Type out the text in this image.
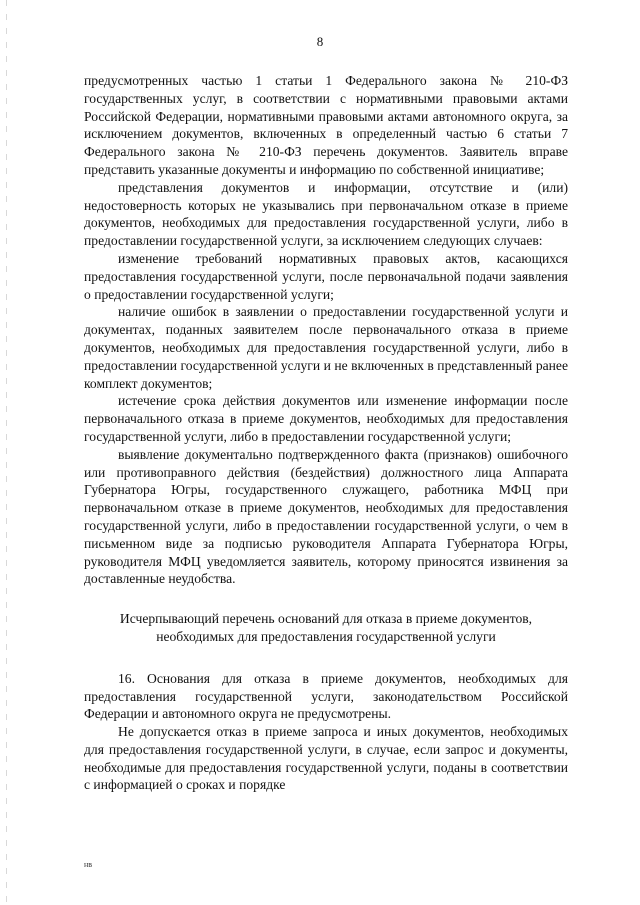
8

предусмотренных частью 1 статьи 1 Федерального закона № 210-ФЗ государственных услуг, в соответствии с нормативными правовыми актами Российской Федерации, нормативными правовыми актами автономного округа, за исключением документов, включенных в определенный частью 6 статьи 7 Федерального закона № 210-ФЗ перечень документов. Заявитель вправе представить указанные документы и информацию по собственной инициативе;

представления документов и информации, отсутствие и (или) недостоверность которых не указывались при первоначальном отказе в приеме документов, необходимых для предоставления государственной услуги, либо в предоставлении государственной услуги, за исключением следующих случаев:

изменение требований нормативных правовых актов, касающихся предоставления государственной услуги, после первоначальной подачи заявления о предоставлении государственной услуги;

наличие ошибок в заявлении о предоставлении государственной услуги и документах, поданных заявителем после первоначального отказа в приеме документов, необходимых для предоставления государственной услуги, либо в предоставлении государственной услуги и не включенных в представленный ранее комплект документов;

истечение срока действия документов или изменение информации после первоначального отказа в приеме документов, необходимых для предоставления государственной услуги, либо в предоставлении государственной услуги;

выявление документально подтвержденного факта (признаков) ошибочного или противоправного действия (бездействия) должностного лица Аппарата Губернатора Югры, государственного служащего, работника МФЦ при первоначальном отказе в приеме документов, необходимых для предоставления государственной услуги, либо в предоставлении государственной услуги, о чем в письменном виде за подписью руководителя Аппарата Губернатора Югры, руководителя МФЦ уведомляется заявитель, которому приносятся извинения за доставленные неудобства.

Исчерпывающий перечень оснований для отказа в приеме документов, необходимых для предоставления государственной услуги

16. Основания для отказа в приеме документов, необходимых для предоставления государственной услуги, законодательством Российской Федерации и автономного округа не предусмотрены.

Не допускается отказ в приеме запроса и иных документов, необходимых для предоставления государственной услуги, в случае, если запрос и документы, необходимые для предоставления государственной услуги, поданы в соответствии с информацией о сроках и порядке

нв
